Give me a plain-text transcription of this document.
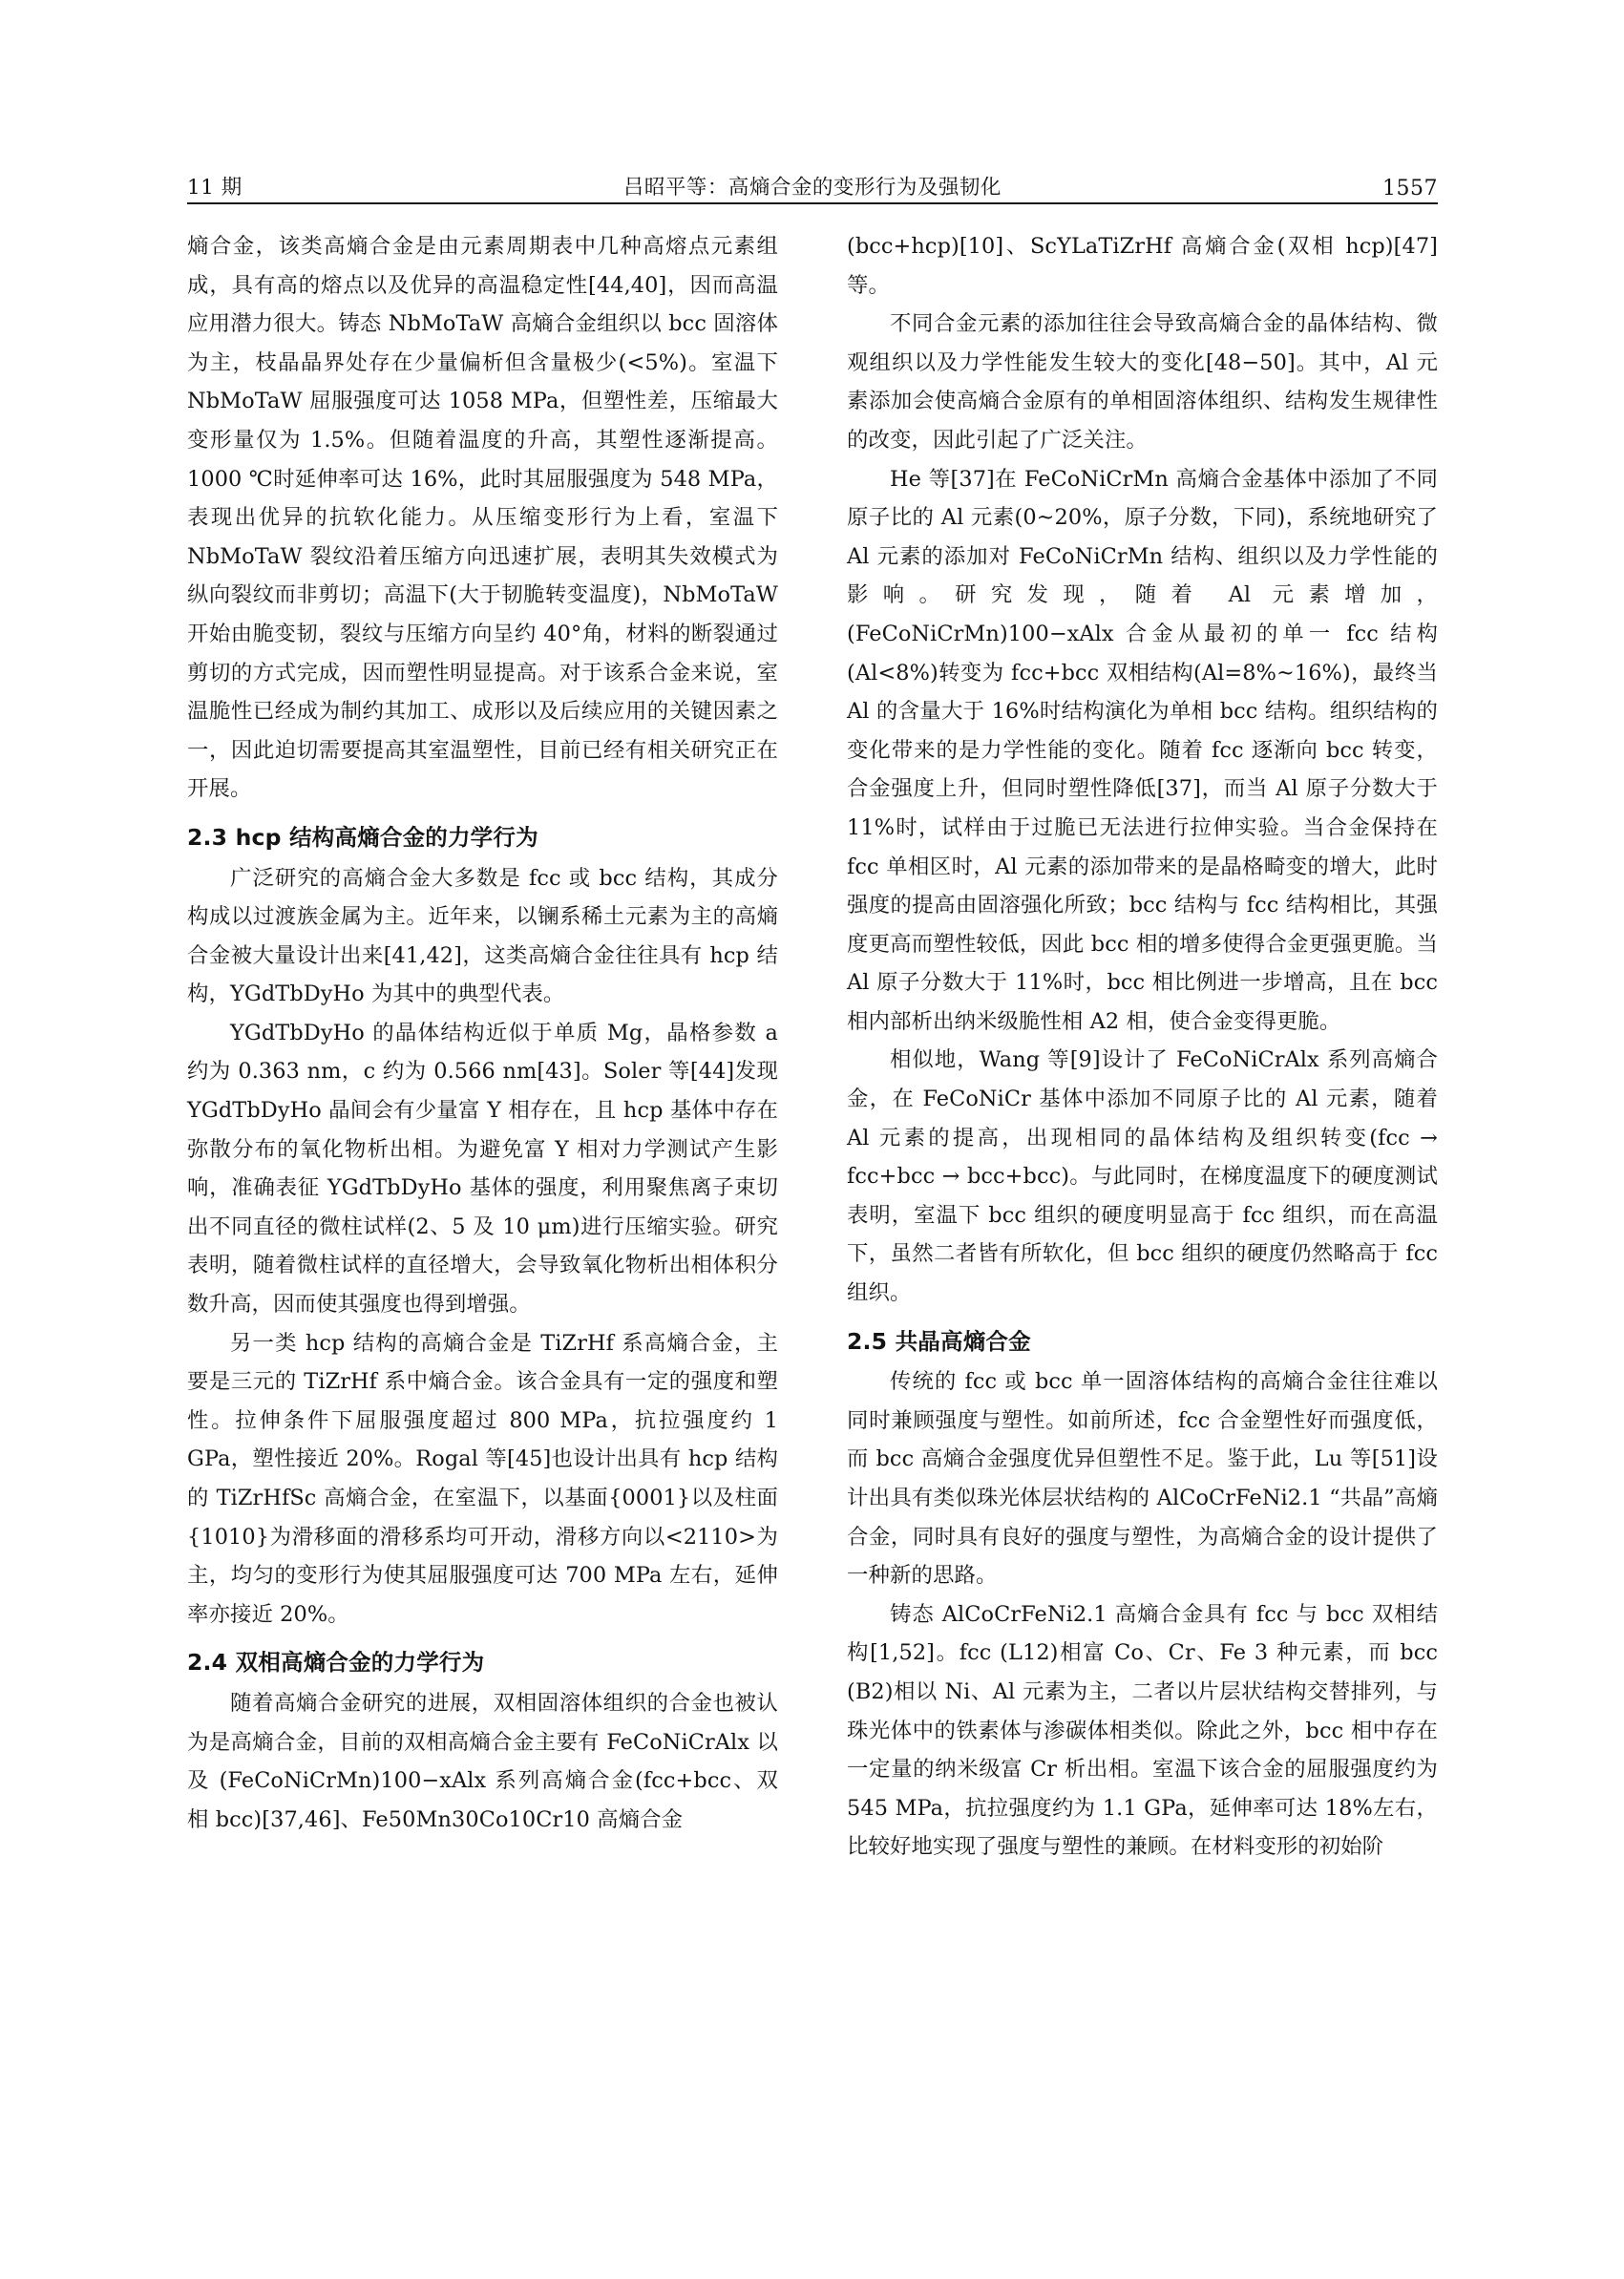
11 期	吕昭平等：高熵合金的变形行为及强韧化	1557

熵合金，该类高熵合金是由元素周期表中几种高熔点元素组成，具有高的熔点以及优异的高温稳定性[44,40]，因而高温应用潜力很大。铸态 NbMoTaW 高熵合金组织以 bcc 固溶体为主，枝晶晶界处存在少量偏析但含量极少(<5%)。室温下 NbMoTaW 屈服强度可达 1058 MPa，但塑性差，压缩最大变形量仅为 1.5%。但随着温度的升高，其塑性逐渐提高。1000 ℃时延伸率可达 16%，此时其屈服强度为 548 MPa，表现出优异的抗软化能力。从压缩变形行为上看，室温下 NbMoTaW 裂纹沿着压缩方向迅速扩展，表明其失效模式为纵向裂纹而非剪切；高温下(大于韧脆转变温度)，NbMoTaW 开始由脆变韧，裂纹与压缩方向呈约 40°角，材料的断裂通过剪切的方式完成，因而塑性明显提高。对于该系合金来说，室温脆性已经成为制约其加工、成形以及后续应用的关键因素之一，因此迫切需要提高其室温塑性，目前已经有相关研究正在开展。

2.3 hcp 结构高熵合金的力学行为

广泛研究的高熵合金大多数是 fcc 或 bcc 结构，其成分构成以过渡族金属为主。近年来，以镧系稀土元素为主的高熵合金被大量设计出来[41,42]，这类高熵合金往往具有 hcp 结构，YGdTbDyHo 为其中的典型代表。

YGdTbDyHo 的晶体结构近似于单质 Mg，晶格参数 a 约为 0.363 nm，c 约为 0.566 nm[43]。Soler 等[44]发现 YGdTbDyHo 晶间会有少量富 Y 相存在，且 hcp 基体中存在弥散分布的氧化物析出相。为避免富 Y 相对力学测试产生影响，准确表征 YGdTbDyHo 基体的强度，利用聚焦离子束切出不同直径的微柱试样(2、5 及 10 μm)进行压缩实验。研究表明，随着微柱试样的直径增大，会导致氧化物析出相体积分数升高，因而使其强度也得到增强。

另一类 hcp 结构的高熵合金是 TiZrHf 系高熵合金，主要是三元的 TiZrHf 系中熵合金。该合金具有一定的强度和塑性。拉伸条件下屈服强度超过 800 MPa，抗拉强度约 1 GPa，塑性接近 20%。Rogal 等[45]也设计出具有 hcp 结构的 TiZrHfSc 高熵合金，在室温下，以基面{0001}以及柱面{1010}为滑移面的滑移系均可开动，滑移方向以<2110>为主，均匀的变形行为使其屈服强度可达 700 MPa 左右，延伸率亦接近 20%。

2.4 双相高熵合金的力学行为

随着高熵合金研究的进展，双相固溶体组织的合金也被认为是高熵合金，目前的双相高熵合金主要有 FeCoNiCrAlx 以及 (FeCoNiCrMn)100−xAlx 系列高熵合金(fcc+bcc、双相 bcc)[37,46]、Fe50Mn30Co10Cr10 高熵合金

(bcc+hcp)[10]、ScYLaTiZrHf 高熵合金(双相 hcp)[47]等。

不同合金元素的添加往往会导致高熵合金的晶体结构、微观组织以及力学性能发生较大的变化[48−50]。其中，Al 元素添加会使高熵合金原有的单相固溶体组织、结构发生规律性的改变，因此引起了广泛关注。

He 等[37]在 FeCoNiCrMn 高熵合金基体中添加了不同原子比的 Al 元素(0~20%，原子分数，下同)，系统地研究了 Al 元素的添加对 FeCoNiCrMn 结构、组织以及力学性能的影响。研究发现，随着 Al 元素增加，(FeCoNiCrMn)100−xAlx 合金从最初的单一 fcc 结构(Al<8%)转变为 fcc+bcc 双相结构(Al=8%~16%)，最终当 Al 的含量大于 16%时结构演化为单相 bcc 结构。组织结构的变化带来的是力学性能的变化。随着 fcc 逐渐向 bcc 转变，合金强度上升，但同时塑性降低[37]，而当 Al 原子分数大于 11%时，试样由于过脆已无法进行拉伸实验。当合金保持在 fcc 单相区时，Al 元素的添加带来的是晶格畸变的增大，此时强度的提高由固溶强化所致；bcc 结构与 fcc 结构相比，其强度更高而塑性较低，因此 bcc 相的增多使得合金更强更脆。当 Al 原子分数大于 11%时，bcc 相比例进一步增高，且在 bcc 相内部析出纳米级脆性相 A2 相，使合金变得更脆。

相似地，Wang 等[9]设计了 FeCoNiCrAlx 系列高熵合金，在 FeCoNiCr 基体中添加不同原子比的 Al 元素，随着 Al 元素的提高，出现相同的晶体结构及组织转变(fcc → fcc+bcc → bcc+bcc)。与此同时，在梯度温度下的硬度测试表明，室温下 bcc 组织的硬度明显高于 fcc 组织，而在高温下，虽然二者皆有所软化，但 bcc 组织的硬度仍然略高于 fcc 组织。

2.5 共晶高熵合金

传统的 fcc 或 bcc 单一固溶体结构的高熵合金往往难以同时兼顾强度与塑性。如前所述，fcc 合金塑性好而强度低，而 bcc 高熵合金强度优异但塑性不足。鉴于此，Lu 等[51]设计出具有类似珠光体层状结构的 AlCoCrFeNi2.1 “共晶”高熵合金，同时具有良好的强度与塑性，为高熵合金的设计提供了一种新的思路。

铸态 AlCoCrFeNi2.1 高熵合金具有 fcc 与 bcc 双相结构[1,52]。fcc (L12)相富 Co、Cr、Fe 3 种元素，而 bcc (B2)相以 Ni、Al 元素为主，二者以片层状结构交替排列，与珠光体中的铁素体与渗碳体相类似。除此之外，bcc 相中存在一定量的纳米级富 Cr 析出相。室温下该合金的屈服强度约为 545 MPa，抗拉强度约为 1.1 GPa，延伸率可达 18%左右，比较好地实现了强度与塑性的兼顾。在材料变形的初始阶
